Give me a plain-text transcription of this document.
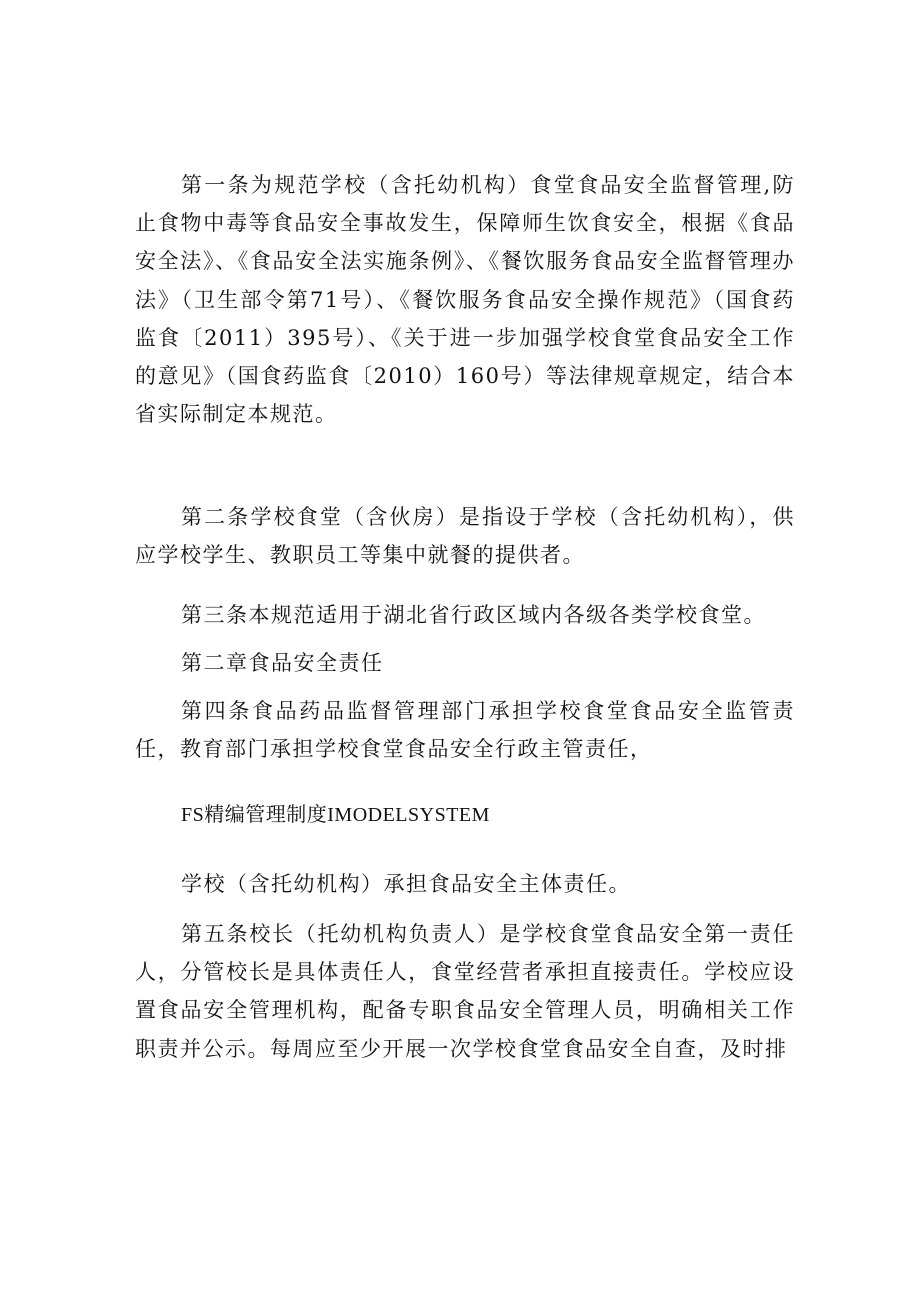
第一条为规范学校（含托幼机构）食堂食品安全监督管理,防止食物中毒等食品安全事故发生，保障师生饮食安全，根据《食品安全法》、《食品安全法实施条例》、《餐饮服务食品安全监督管理办法》（卫生部令第71号）、《餐饮服务食品安全操作规范》（国食药监食〔2011）395号）、《关于进一步加强学校食堂食品安全工作的意见》（国食药监食〔2010）160号）等法律规章规定，结合本省实际制定本规范。

第二条学校食堂（含伙房）是指设于学校（含托幼机构），供应学校学生、教职员工等集中就餐的提供者。

第三条本规范适用于湖北省行政区域内各级各类学校食堂。

第二章食品安全责任

第四条食品药品监督管理部门承担学校食堂食品安全监管责任，教育部门承担学校食堂食品安全行政主管责任，

FS精编管理制度IMODELSYSTEM

学校（含托幼机构）承担食品安全主体责任。

第五条校长（托幼机构负责人）是学校食堂食品安全第一责任人，分管校长是具体责任人，食堂经营者承担直接责任。学校应设置食品安全管理机构，配备专职食品安全管理人员，明确相关工作职责并公示。每周应至少开展一次学校食堂食品安全自查，及时排
